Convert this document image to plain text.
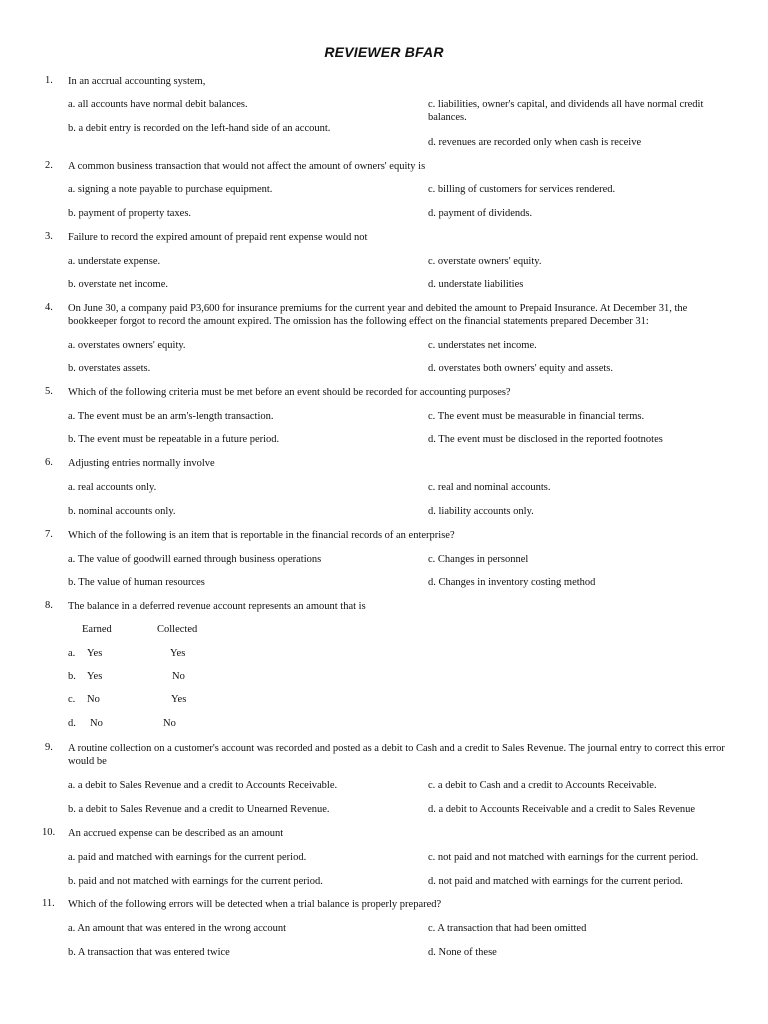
REVIEWER BFAR
1. In an accrual accounting system,
a. all accounts have normal debit balances.
b. a debit entry is recorded on the left-hand side of an account.
c. liabilities, owner's capital, and dividends all have normal credit balances.
d. revenues are recorded only when cash is receive
2. A common business transaction that would not affect the amount of owners' equity is
a. signing a note payable to purchase equipment.
b. payment of property taxes.
c. billing of customers for services rendered.
d. payment of dividends.
3. Failure to record the expired amount of prepaid rent expense would not
a. understate expense.
b. overstate net income.
c. overstate owners' equity.
d. understate liabilities
4. On June 30, a company paid P3,600 for insurance premiums for the current year and debited the amount to Prepaid Insurance. At December 31, the bookkeeper forgot to record the amount expired. The omission has the following effect on the financial statements prepared December 31:
a. overstates owners' equity.
b. overstates assets.
c. understates net income.
d. overstates both owners' equity and assets.
5. Which of the following criteria must be met before an event should be recorded for accounting purposes?
a. The event must be an arm's-length transaction.
b. The event must be repeatable in a future period.
c. The event must be measurable in financial terms.
d. The event must be disclosed in the reported footnotes
6. Adjusting entries normally involve
a. real accounts only.
b. nominal accounts only.
c. real and nominal accounts.
d. liability accounts only.
7. Which of the following is an item that is reportable in the financial records of an enterprise?
a. The value of goodwill earned through business operations
b. The value of human resources
c. Changes in personnel
d. Changes in inventory costing method
8. The balance in a deferred revenue account represents an amount that is
Earned	Collected
a. Yes	Yes
b. Yes	No
c. No	Yes
d. No	No
9. A routine collection on a customer's account was recorded and posted as a debit to Cash and a credit to Sales Revenue. The journal entry to correct this error would be
a. a debit to Sales Revenue and a credit to Accounts Receivable.
b. a debit to Sales Revenue and a credit to Unearned Revenue.
c. a debit to Cash and a credit to Accounts Receivable.
d. a debit to Accounts Receivable and a credit to Sales Revenue
10. An accrued expense can be described as an amount
a. paid and matched with earnings for the current period.
b. paid and not matched with earnings for the current period.
c. not paid and not matched with earnings for the current period.
d. not paid and matched with earnings for the current period.
11. Which of the following errors will be detected when a trial balance is properly prepared?
a. An amount that was entered in the wrong account
b. A transaction that was entered twice
c. A transaction that had been omitted
d. None of these
